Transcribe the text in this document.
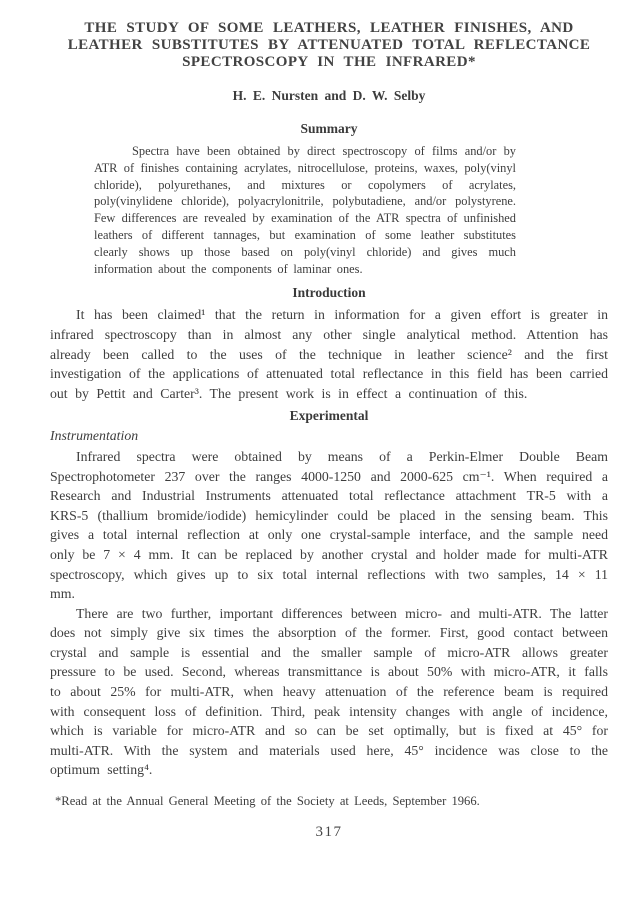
THE STUDY OF SOME LEATHERS, LEATHER FINISHES, AND
LEATHER SUBSTITUTES BY ATTENUATED TOTAL REFLECTANCE
SPECTROSCOPY IN THE INFRARED*
H. E. Nursten and D. W. Selby
Summary

Spectra have been obtained by direct spectroscopy of films and/or by ATR of finishes containing acrylates, nitrocellulose, proteins, waxes, poly(vinyl chloride), polyurethanes, and mixtures or copolymers of acrylates, poly(vinylidene chloride), polyacrylonitrile, polybutadiene, and/or polystyrene. Few differences are revealed by examination of the ATR spectra of unfinished leathers of different tannages, but examination of some leather substitutes clearly shows up those based on poly(vinyl chloride) and gives much information about the components of laminar ones.

Introduction

It has been claimed¹ that the return in information for a given effort is greater in infrared spectroscopy than in almost any other single analytical method. Attention has already been called to the uses of the technique in leather science² and the first investigation of the applications of attenuated total reflectance in this field has been carried out by Pettit and Carter³. The present work is in effect a continuation of this.

Experimental
Instrumentation

Infrared spectra were obtained by means of a Perkin-Elmer Double Beam Spectrophotometer 237 over the ranges 4000-1250 and 2000-625 cm⁻¹. When required a Research and Industrial Instruments attenuated total reflectance attachment TR-5 with a KRS-5 (thallium bromide/iodide) hemicylinder could be placed in the sensing beam. This gives a total internal reflection at only one crystal-sample interface, and the sample need only be 7 × 4 mm. It can be replaced by another crystal and holder made for multi-ATR spectroscopy, which gives up to six total internal reflections with two samples, 14 × 11 mm.

There are two further, important differences between micro- and multi-ATR. The latter does not simply give six times the absorption of the former. First, good contact between crystal and sample is essential and the smaller sample of micro-ATR allows greater pressure to be used. Second, whereas transmittance is about 50% with micro-ATR, it falls to about 25% for multi-ATR, when heavy attenuation of the reference beam is required with consequent loss of definition. Third, peak intensity changes with angle of incidence, which is variable for micro-ATR and so can be set optimally, but is fixed at 45° for multi-ATR. With the system and materials used here, 45° incidence was close to the optimum setting⁴.

*Read at the Annual General Meeting of the Society at Leeds, September 1966.
317
